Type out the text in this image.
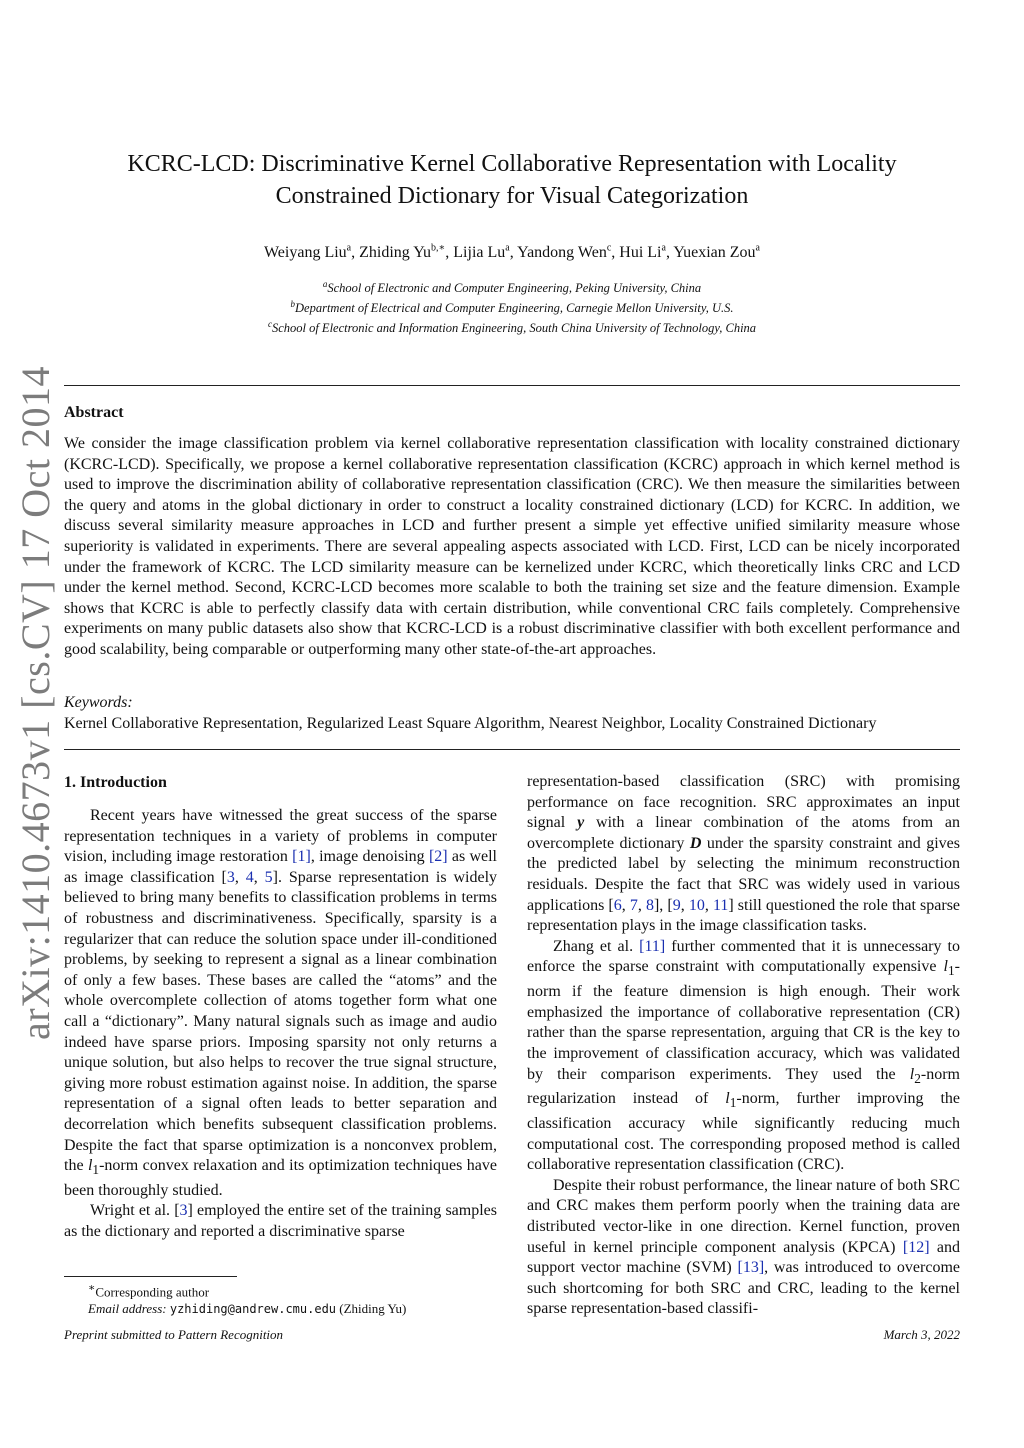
arXiv:1410.4673v1 [cs.CV] 17 Oct 2014
KCRC-LCD: Discriminative Kernel Collaborative Representation with Locality
Constrained Dictionary for Visual Categorization
Weiyang Liu$^a$, Zhiding $Yu^{b,∗}$, Lijia Lu$^a$, Yandong Wen$^c$, Hui Li$^a$, Yuexian Zou$^a$
$^a$School of Electronic and Computer Engineering, Peking University, China
$^b$Department of Electrical and Computer Engineering, Carnegie Mellon University, U.S.
$^c$School of Electronic and Information Engineering, South China University of Technology, China
Abstract
We consider the image classification problem via kernel collaborative representation classification with locality constrained dictionary (KCRC-LCD). Specifically, we propose a kernel collaborative representation classification (KCRC) approach in which kernel method is used to improve the discrimination ability of collaborative representation classification (CRC). We then measure the similarities between the query and atoms in the global dictionary in order to construct a locality constrained dictionary (LCD) for KCRC. In addition, we discuss several similarity measure approaches in LCD and further present a simple yet effective unified similarity measure whose superiority is validated in experiments. There are several appealing aspects associated with LCD. First, LCD can be nicely incorporated under the framework of KCRC. The LCD similarity measure can be kernelized under KCRC, which theoretically links CRC and LCD under the kernel method. Second, KCRC-LCD becomes more scalable to both the training set size and the feature dimension. Example shows that KCRC is able to perfectly classify data with certain distribution, while conventional CRC fails completely. Comprehensive experiments on many public datasets also show that KCRC-LCD is a robust discriminative classifier with both excellent performance and good scalability, being comparable or outperforming many other state-of-the-art approaches.
Keywords:
Kernel Collaborative Representation, Regularized Least Square Algorithm, Nearest Neighbor, Locality Constrained Dictionary
1. Introduction

Recent years have witnessed the great success of the sparse representation techniques in a variety of problems in computer vision, including image restoration [1], image denoising [2] as well as image classification [3, 4, 5]. Sparse representation is widely believed to bring many benefits to classification problems in terms of robustness and discriminativeness. Specifically, sparsity is a regularizer that can reduce the solution space under ill-conditioned problems, by seeking to represent a signal as a linear combination of only a few bases. These bases are called the “atoms” and the whole overcomplete collection of atoms together form what one call a “dictionary”. Many natural signals such as image and audio indeed have sparse priors. Imposing sparsity not only returns a unique solution, but also helps to recover the true signal structure, giving more robust estimation against noise. In addition, the sparse representation of a signal often leads to better separation and decorrelation which benefits subsequent classification problems. Despite the fact that sparse optimization is a nonconvex problem, the $l_1$-norm convex relaxation and its optimization techniques have been thoroughly studied.

Wright et al. [3] employed the entire set of the training samples as the dictionary and reported a discriminative sparse

representation-based classification (SRC) with promising performance on face recognition. SRC approximates an input signal y with a linear combination of the atoms from an overcomplete dictionary D under the sparsity constraint and gives the predicted label by selecting the minimum reconstruction residuals. Despite the fact that SRC was widely used in various applications [6, 7, 8], [9, 10, 11] still questioned the role that sparse representation plays in the image classification tasks.

Zhang et al. [11] further commented that it is unnecessary to enforce the sparse constraint with computationally expensive $l_1$-norm if the feature dimension is high enough. Their work emphasized the importance of collaborative representation (CR) rather than the sparse representation, arguing that CR is the key to the improvement of classification accuracy, which was validated by their comparison experiments. They used the $l_2$-norm regularization instead of $l_1$-norm, further improving the classification accuracy while significantly reducing much computational cost. The corresponding proposed method is called collaborative representation classification (CRC).

Despite their robust performance, the linear nature of both SRC and CRC makes them perform poorly when the training data are distributed vector-like in one direction. Kernel function, proven useful in kernel principle component analysis (KPCA) [12] and support vector machine (SVM) [13], was introduced to overcome such shortcoming for both SRC and CRC, leading to the kernel sparse representation-based classifi-

∗Corresponding author
Email address: yzhiding@andrew.cmu.edu (Zhiding Yu)
Preprint submitted to Pattern Recognition	March 3, 2022
